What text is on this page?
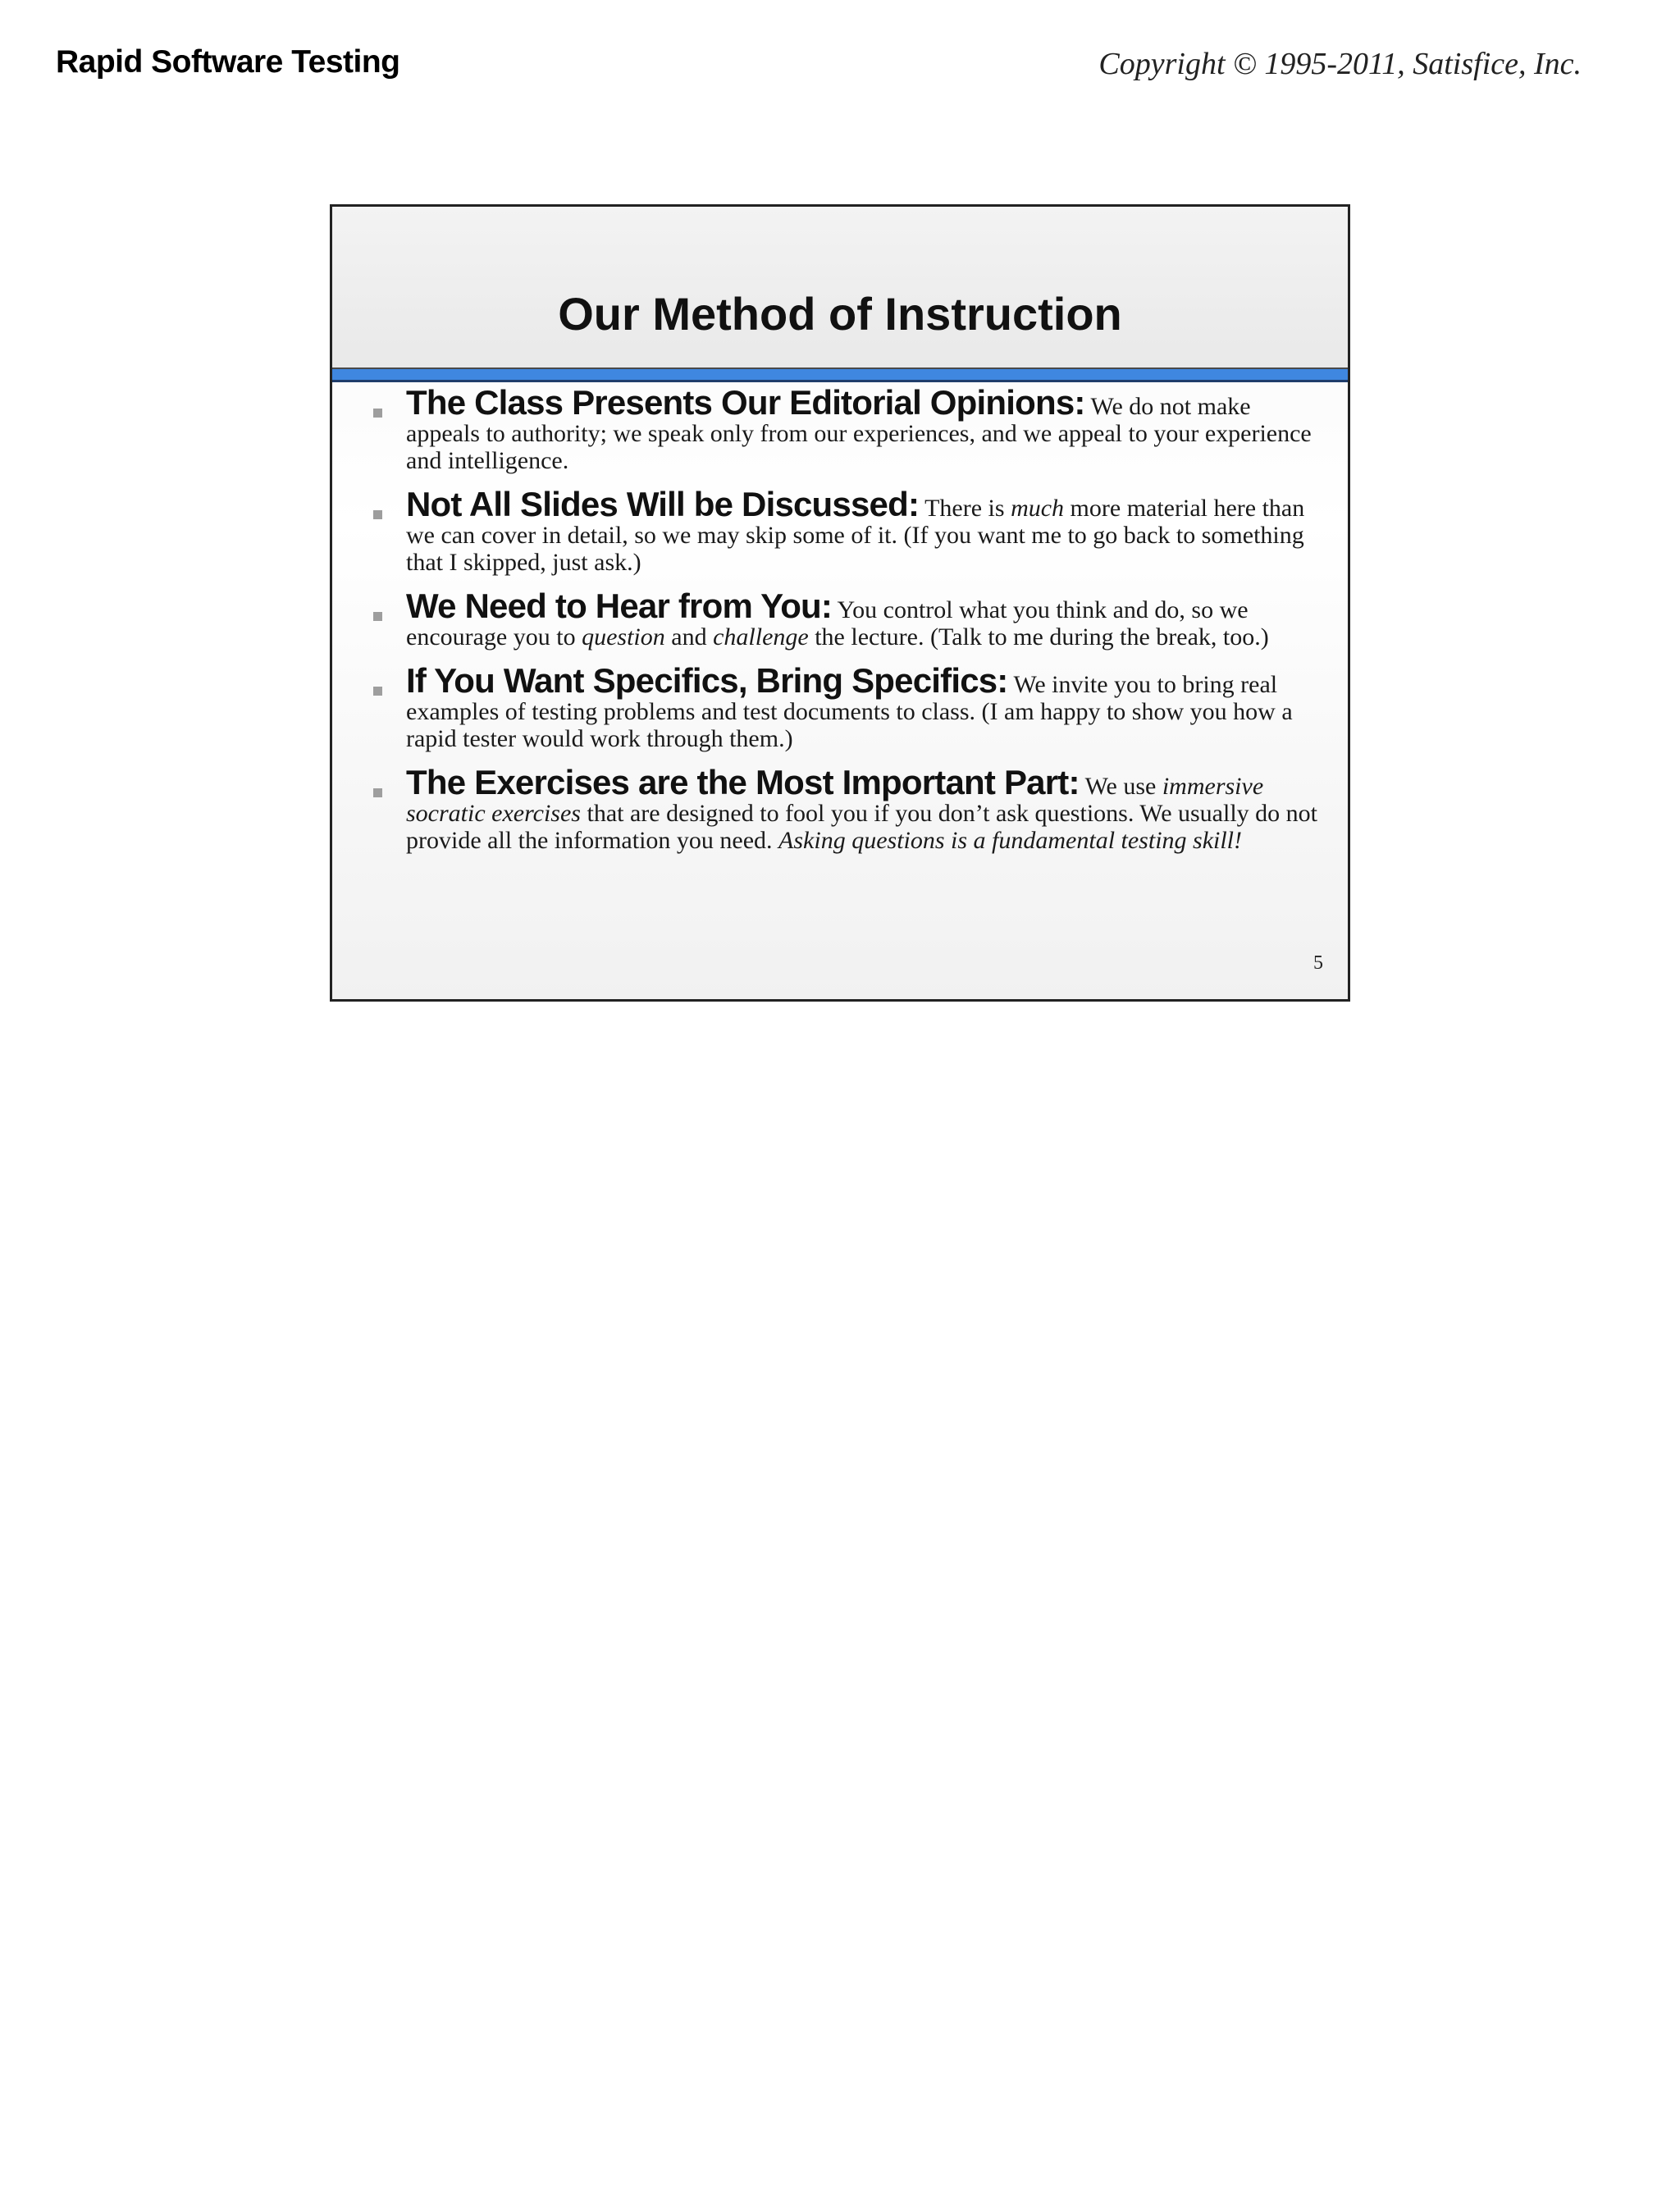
Rapid Software Testing	Copyright © 1995-2011, Satisfice, Inc.
Our Method of Instruction
The Class Presents Our Editorial Opinions: We do not make appeals to authority; we speak only from our experiences, and we appeal to your experience and intelligence.
Not All Slides Will be Discussed: There is much more material here than we can cover in detail, so we may skip some of it. (If you want me to go back to something that I skipped, just ask.)
We Need to Hear from You: You control what you think and do, so we encourage you to question and challenge the lecture. (Talk to me during the break, too.)
If You Want Specifics, Bring Specifics: We invite you to bring real examples of testing problems and test documents to class. (I am happy to show you how a rapid tester would work through them.)
The Exercises are the Most Important Part: We use immersive socratic exercises that are designed to fool you if you don’t ask questions. We usually do not provide all the information you need. Asking questions is a fundamental testing skill!
5
